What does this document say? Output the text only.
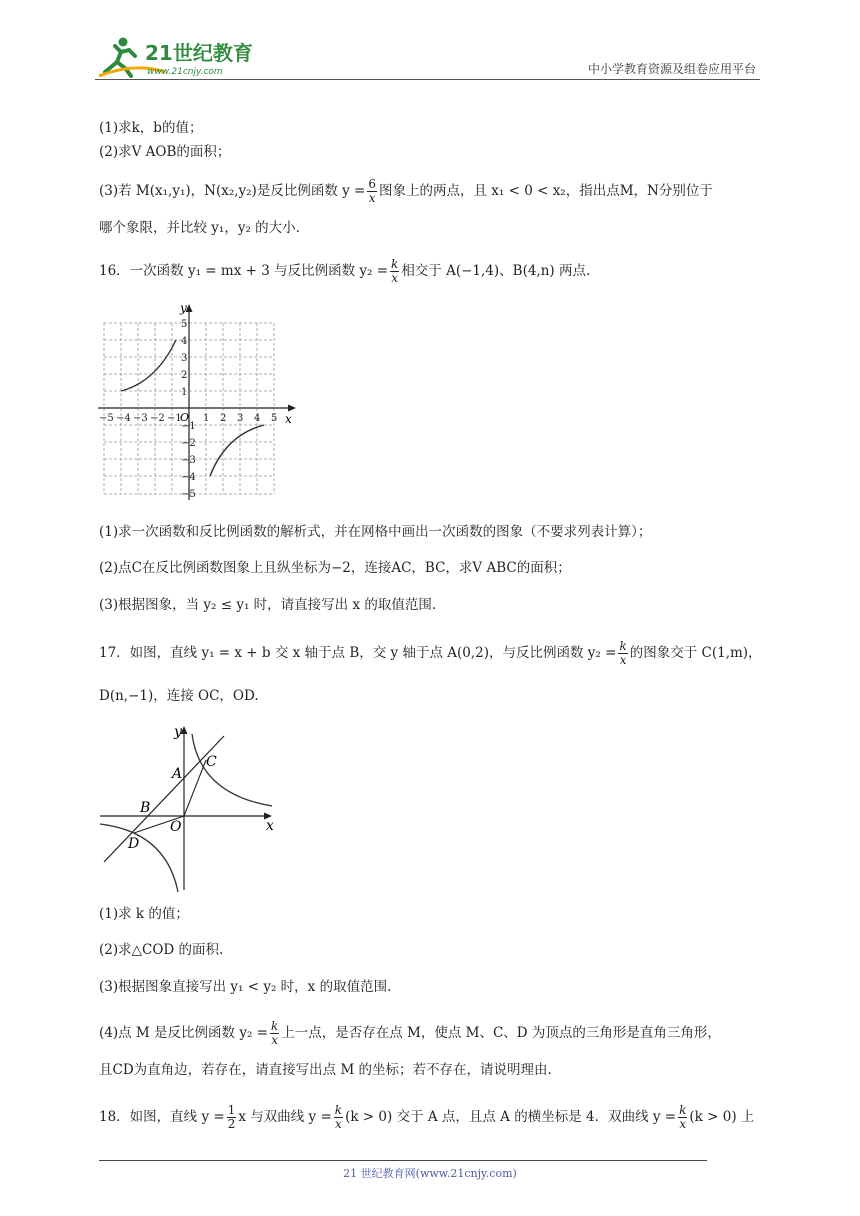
21世纪教育
www.21cnjy.com	中小学教育资源及组卷应用平台
(1)求k，b的值；
(2)求V AOB的面积；
(3)若 M(x₁,y₁)，N(x₂,y₂)是反比例函数 $y = \frac{6}{x}$ 图象上的两点，且 x₁ < 0 < x₂，指出点M，N分别位于
哪个象限，并比较 y₁，y₂ 的大小.
16．一次函数 y₁ = mx + 3 与反比例函数 $y_2 = \frac{k}{x}$ 相交于 A(−1,4)、B(4,n) 两点.
x
y
O
−5 −4 −3 −2 −1 1 2 3 4 5
1
2
3
4
5
−1
−2
−3
−4
−5
(1)求一次函数和反比例函数的解析式，并在网格中画出一次函数的图象（不要求列表计算）；
(2)点C在反比例函数图象上且纵坐标为−2，连接AC，BC，求V ABC的面积；
(3)根据图象，当 y₂ ≤ y₁ 时，请直接写出 x 的取值范围.
17．如图，直线 y₁ = x + b 交 x 轴于点 B，交 y 轴于点 A(0,2)，与反比例函数 $y_2 = \frac{k}{x}$ 的图象交于 C(1,m)，
D(n,−1)，连接 OC，OD.
y
x
A
B
C
D
O
(1)求 k 的值；
(2)求△COD 的面积.
(3)根据图象直接写出 y₁ < y₂ 时，x 的取值范围.
(4)点 M 是反比例函数 $y_2 = \frac{k}{x}$ 上一点，是否存在点 M，使点 M、C、D 为顶点的三角形是直角三角形，
且CD为直角边，若存在，请直接写出点 M 的坐标；若不存在，请说明理由.
18．如图，直线 $y = \frac{1}{2}$ x 与双曲线 $y = \frac{k}{x} (k > 0)$ 交于 A 点，且点 A 的横坐标是 4．双曲线 $y = \frac{k}{x} (k > 0)$ 上
21 世纪教育网(www.21cnjy.com)
